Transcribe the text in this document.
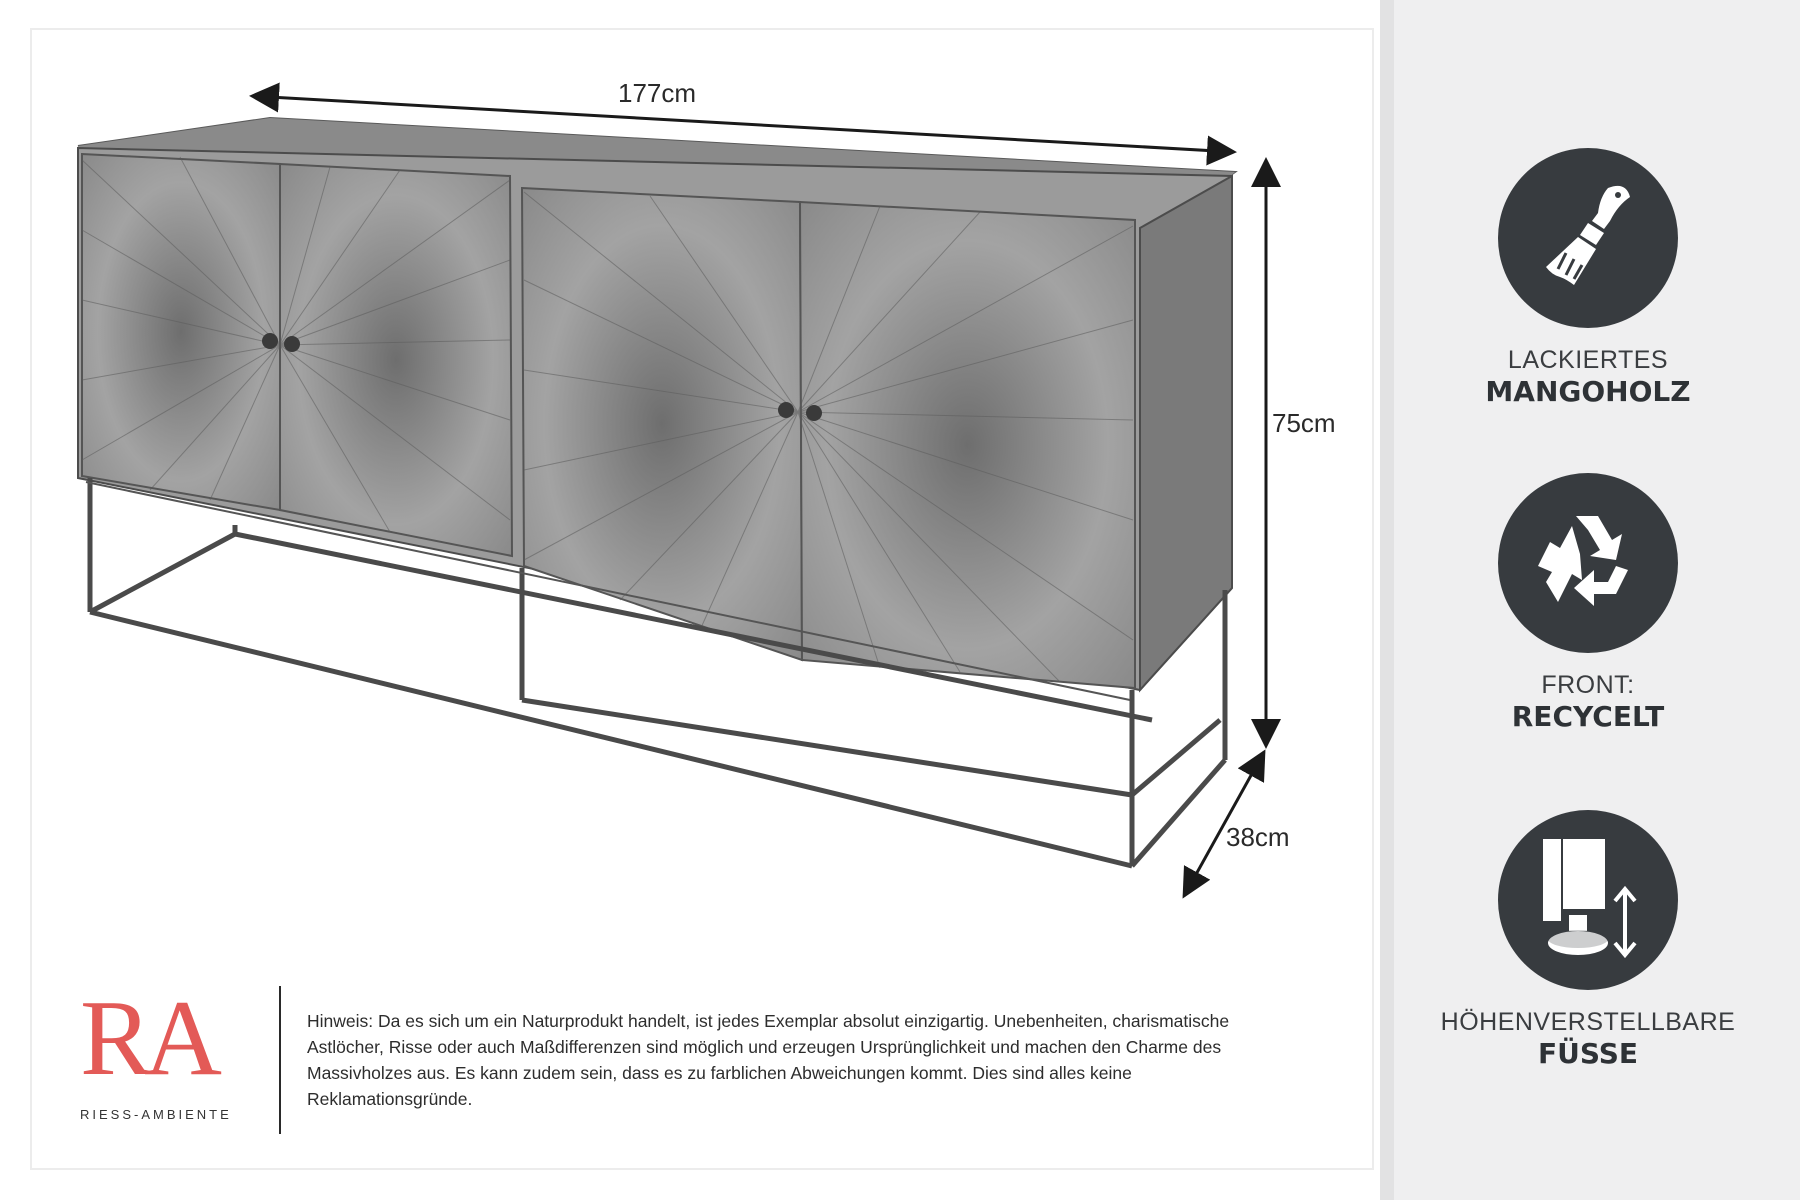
177cm
75cm
38cm
LACKIERTES
MANGOHOLZ
FRONT:
RECYCELT
HÖHENVERSTELLBARE
FÜSSE
RA
RIESS-AMBIENTE
Hinweis: Da es sich um ein Naturprodukt handelt, ist jedes Exemplar absolut einzigartig. Unebenheiten, charismatische Astlöcher, Risse oder auch Maßdifferenzen sind möglich und erzeugen Ursprünglichkeit und machen den Charme des Massivholzes aus. Es kann zudem sein, dass es zu farblichen Abweichungen kommt. Dies sind alles keine Reklamationsgründe.
